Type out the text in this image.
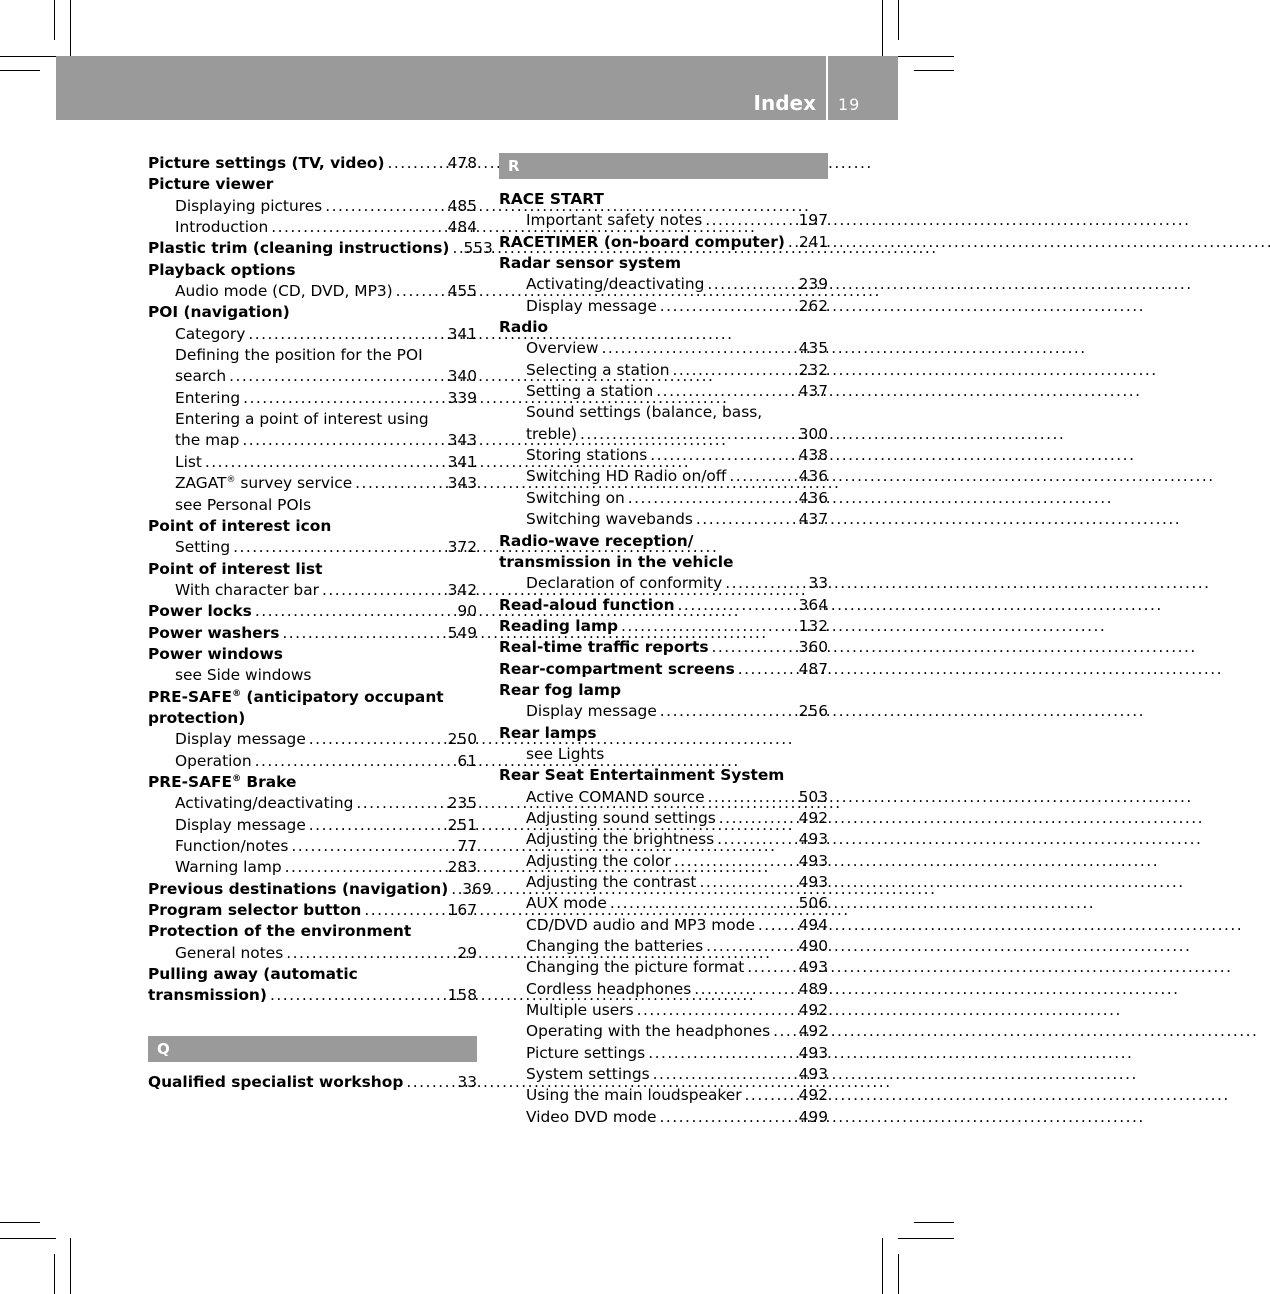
Index 19
Picture settings (TV, video) . . .	478
Picture viewer
Displaying pictures . . .	485
Introduction . . .	484
Plastic trim (cleaning instructions) . . . 553
Playback options
Audio mode (CD, DVD, MP3) . . .	455
POI (navigation)
Category . . .	341
Defining the position for the POI
search . . .	340
Entering . . .	339
Entering a point of interest using
the map . . .	343
List . . .	341
ZAGAT® survey service . . .	343
see Personal POIs
Point of interest icon
Setting . . .	372
Point of interest list
With character bar . . .	342
Power locks . . .	90
Power washers . . .	549
Power windows
see Side windows
PRE-SAFE® (anticipatory occupant
protection)
Display message . . .	250
Operation . . .	61
PRE-SAFE® Brake
Activating/deactivating . . .	235
Display message . . .	251
Function/notes . . .	77
Warning lamp . . .	283
Previous destinations (navigation) . . . 369
Program selector button . . .	167
Protection of the environment
General notes . . .	29
Pulling away (automatic
transmission) . . .	158
Q
Qualified specialist workshop . . .	33
R
RACE START
Important safety notes . . .	197
RACETIMER (on-board computer) . . . 241
Radar sensor system
Activating/deactivating . . .	239
Display message . . .	262
Radio
Overview . . .	435
Selecting a station . . .	232
Setting a station . . .	437
Sound settings (balance, bass,
treble) . . .	300
Storing stations . . .	438
Switching HD Radio on/off . . .	436
Switching on . . .	436
Switching wavebands . . .	437
Radio-wave reception/
transmission in the vehicle
Declaration of conformity . . .	33
Read-aloud function . . .	364
Reading lamp . . .	132
Real-time traffic reports . . .	360
Rear-compartment screens . . .	487
Rear fog lamp
Display message . . .	256
Rear lamps
see Lights
Rear Seat Entertainment System
Active COMAND source . . .	503
Adjusting sound settings . . .	492
Adjusting the brightness . . .	493
Adjusting the color . . .	493
Adjusting the contrast . . .	493
AUX mode . . .	506
CD/DVD audio and MP3 mode . . .	494
Changing the batteries . . .	490
Changing the picture format . . .	493
Cordless headphones . . .	489
Multiple users . . .	492
Operating with the headphones . . . 492
Picture settings . . .	493
System settings . . .	493
Using the main loudspeaker . . .	492
Video DVD mode . . .	499
